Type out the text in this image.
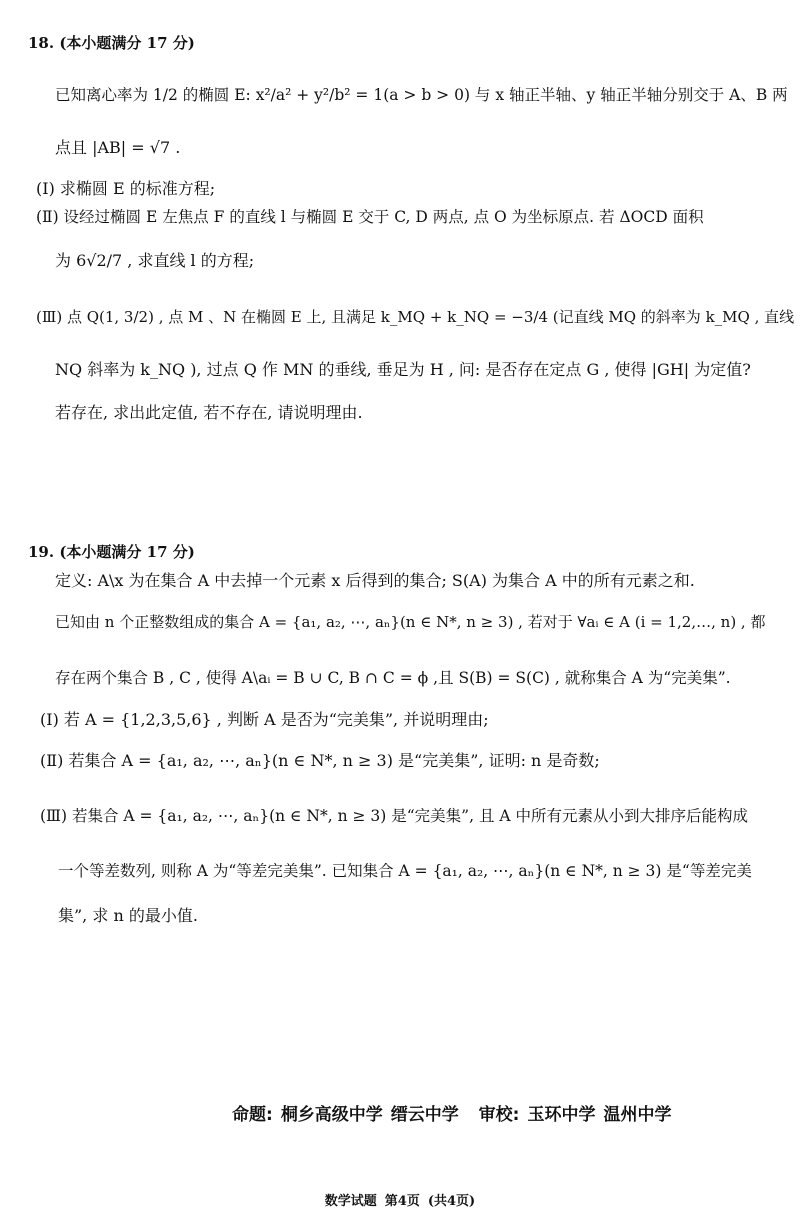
18. (本小题满分 17 分)
已知离心率为 1/2 的椭圆 E: x²/a² + y²/b² = 1(a > b > 0) 与 x 轴正半轴、y 轴正半轴分别交于 A、B 两
点且 |AB| = √7 .
(Ⅰ) 求椭圆 E 的标准方程;
(Ⅱ) 设经过椭圆 E 左焦点 F 的直线 l 与椭圆 E 交于 C, D 两点, 点 O 为坐标原点. 若 ΔOCD 面积
为 6√2/7 , 求直线 l 的方程;
(Ⅲ) 点 Q(1, 3/2) , 点 M 、N 在椭圆 E 上, 且满足 k_MQ + k_NQ = −3/4 (记直线 MQ 的斜率为 k_MQ , 直线
NQ 斜率为 k_NQ ), 过点 Q 作 MN 的垂线, 垂足为 H , 问: 是否存在定点 G , 使得 |GH| 为定值?
若存在, 求出此定值, 若不存在, 请说明理由.
19. (本小题满分 17 分)
定义: A\x 为在集合 A 中去掉一个元素 x 后得到的集合; S(A) 为集合 A 中的所有元素之和.
已知由 n 个正整数组成的集合 A = {a₁, a₂, ⋯, aₙ}(n ∈ N*, n ≥ 3) , 若对于 ∀aᵢ ∈ A (i = 1,2,…, n) , 都
存在两个集合 B , C , 使得 A\aᵢ = B ∪ C, B ∩ C = ϕ ,且 S(B) = S(C) , 就称集合 A 为“完美集”.
(Ⅰ) 若 A = {1,2,3,5,6} , 判断 A 是否为“完美集”, 并说明理由;
(Ⅱ) 若集合 A = {a₁, a₂, ⋯, aₙ}(n ∈ N*, n ≥ 3) 是“完美集”, 证明: n 是奇数;
(Ⅲ) 若集合 A = {a₁, a₂, ⋯, aₙ}(n ∈ N*, n ≥ 3) 是“完美集”, 且 A 中所有元素从小到大排序后能构成
一个等差数列, 则称 A 为“等差完美集”. 已知集合 A = {a₁, a₂, ⋯, aₙ}(n ∈ N*, n ≥ 3) 是“等差完美
集”, 求 n 的最小值.
命题: 桐乡高级中学 缙云中学 审校: 玉环中学 温州中学
数学试题 第4页 (共4页)
